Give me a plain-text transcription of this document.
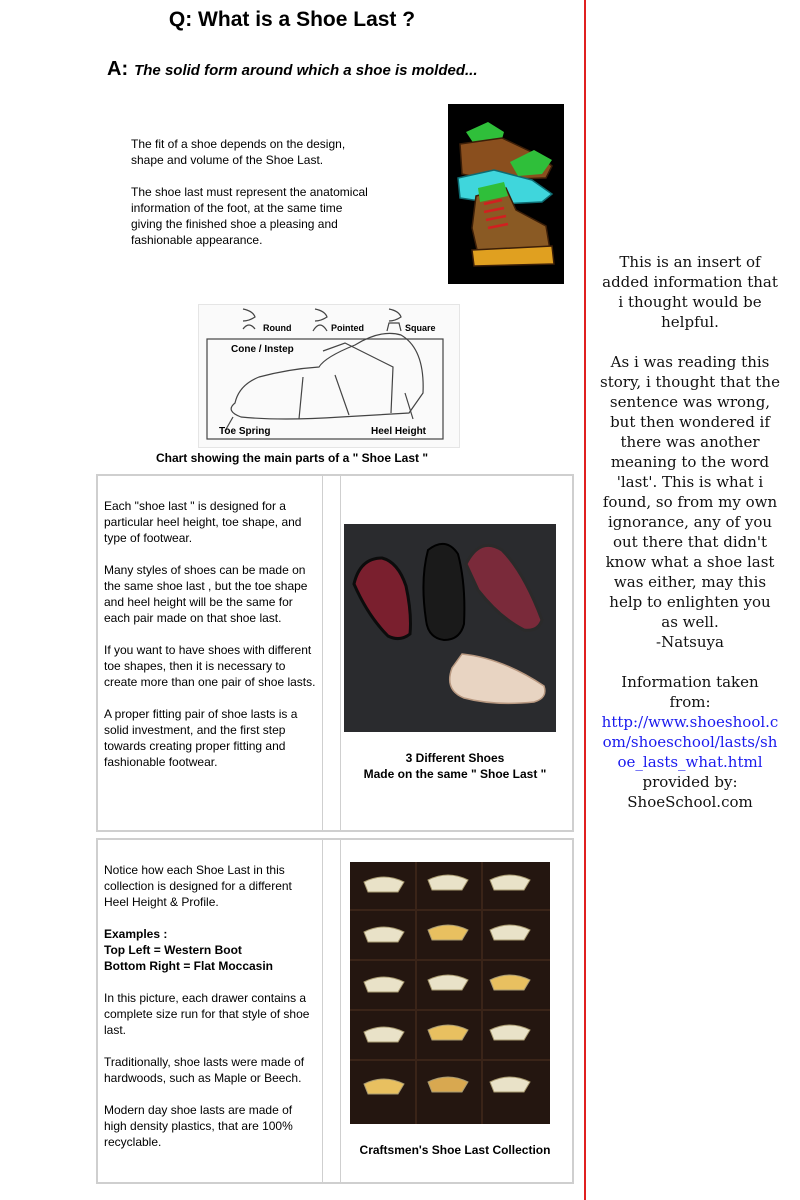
Q: What is a Shoe Last ?
A: The solid form around which a shoe is molded...

The fit of a shoe depends on the design, shape and volume of the Shoe Last.

The shoe last must represent the anatomical information of the foot, at the same time giving the finished shoe a pleasing and fashionable appearance.

Round	Pointed	Square
Cone / Instep
Toe Spring	Heel Height
Chart showing the main parts of a " Shoe Last "

Each "shoe last " is designed for a particular heel height, toe shape, and type of footwear.

Many styles of shoes can be made on the same shoe last , but the toe shape and heel height will be the same for each pair made on that shoe last.

If you want to have shoes with different toe shapes, then it is necessary to create more than one pair of shoe lasts.

A proper fitting pair of shoe lasts is a solid investment, and the first step towards creating proper fitting and fashionable footwear.	3 Different Shoes
Made on the same " Shoe Last "

Notice how each Shoe Last in this collection is designed for a different Heel Height & Profile.

Examples :
Top Left = Western Boot
Bottom Right = Flat Moccasin

In this picture, each drawer contains a complete size run for that style of shoe last.

Traditionally, shoe lasts were made of hardwoods, such as Maple or Beech.

Modern day shoe lasts are made of high density plastics, that are 100% recyclable.

Craftsmen's Shoe Last Collection

This is an insert of added information that i thought would be helpful.

As i was reading this story, i thought that the sentence was wrong, but then wondered if there was another meaning to the word 'last'. This is what i found, so from my own ignorance, any of you out there that didn't know what a shoe last was either, may this help to enlighten you as well.
-Natsuya

Information taken from:
http://www.shoeshool.com/shoeschool/lasts/shoe_lasts_what.html
provided by:
ShoeSchool.com
